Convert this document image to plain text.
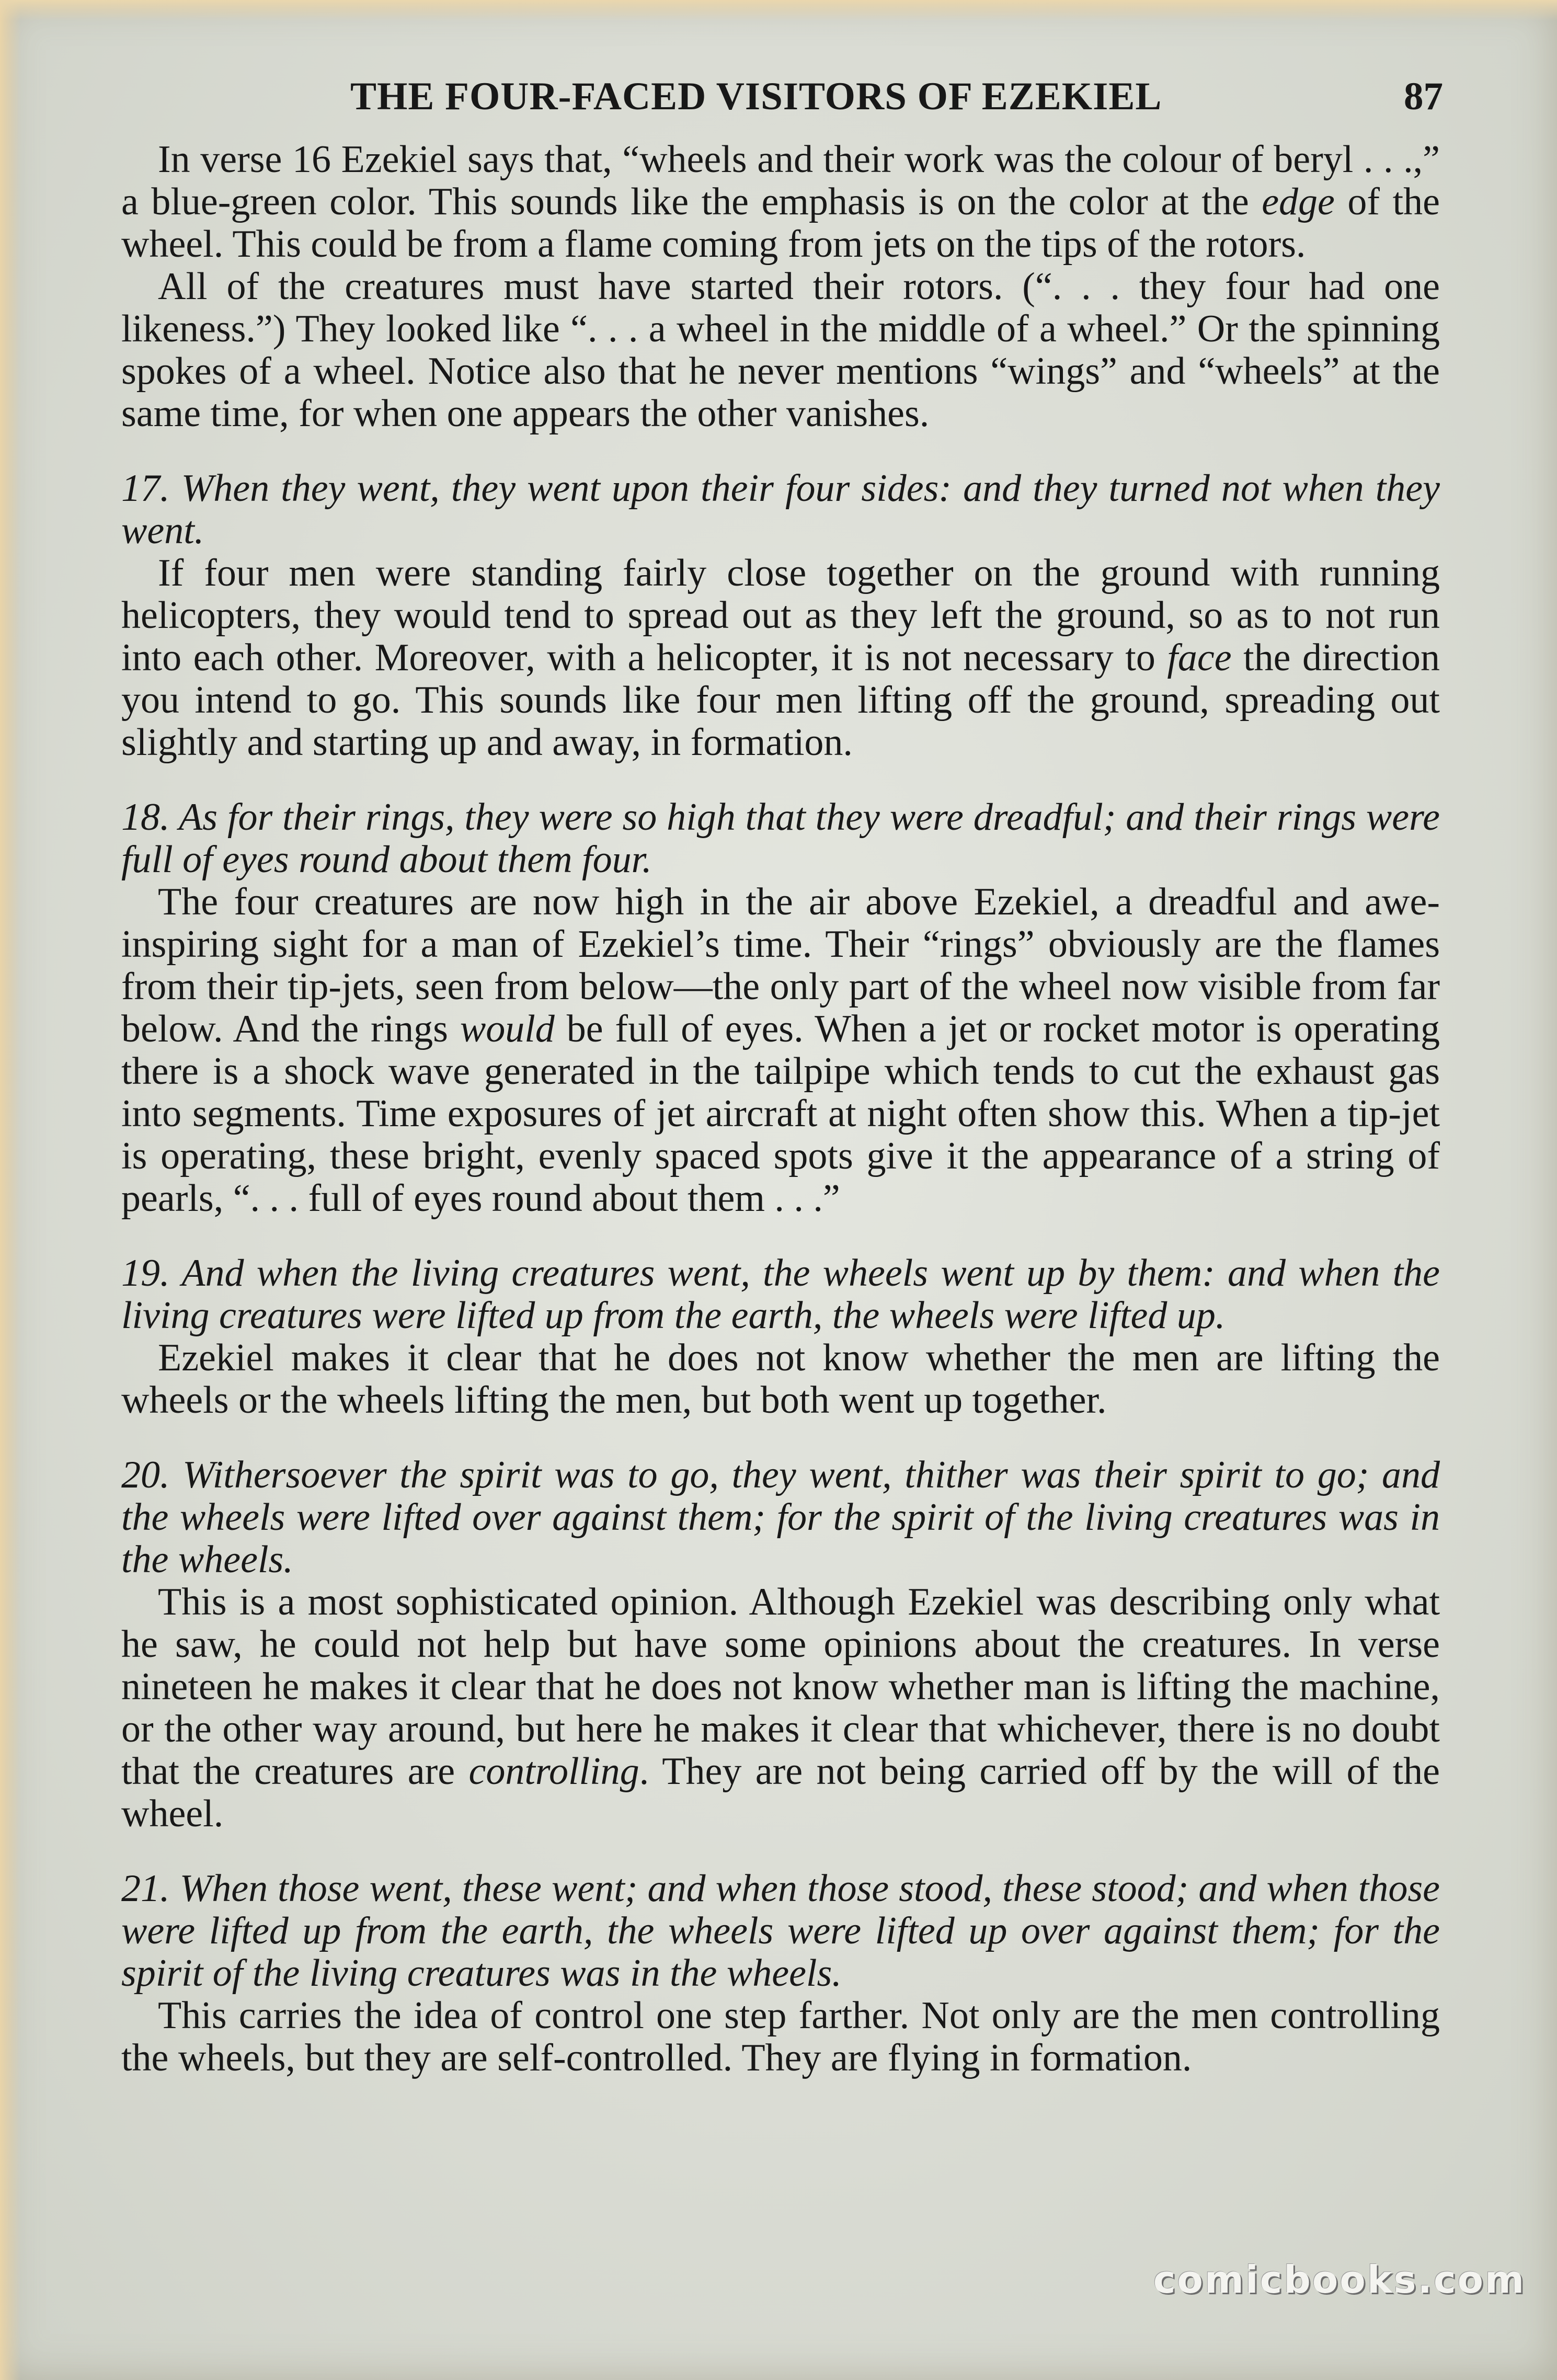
THE FOUR-FACED VISITORS OF EZEKIEL	87

In verse 16 Ezekiel says that, “wheels and their work was the colour of beryl . . .,” a blue-green color. This sounds like the emphasis is on the color at the edge of the wheel. This could be from a flame coming from jets on the tips of the rotors.

All of the creatures must have started their rotors. (“. . . they four had one likeness.”) They looked like “. . . a wheel in the middle of a wheel.” Or the spinning spokes of a wheel. Notice also that he never mentions “wings” and “wheels” at the same time, for when one appears the other vanishes.

17. When they went, they went upon their four sides: and they turned not when they went.

If four men were standing fairly close together on the ground with running helicopters, they would tend to spread out as they left the ground, so as to not run into each other. Moreover, with a helicopter, it is not necessary to face the direction you intend to go. This sounds like four men lifting off the ground, spreading out slightly and starting up and away, in formation.

18. As for their rings, they were so high that they were dreadful; and their rings were full of eyes round about them four.

The four creatures are now high in the air above Ezekiel, a dreadful and awe-inspiring sight for a man of Ezekiel’s time. Their “rings” obviously are the flames from their tip-jets, seen from below—the only part of the wheel now visible from far below. And the rings would be full of eyes. When a jet or rocket motor is operating there is a shock wave generated in the tailpipe which tends to cut the exhaust gas into segments. Time exposures of jet aircraft at night often show this. When a tip-jet is operating, these bright, evenly spaced spots give it the appearance of a string of pearls, “. . . full of eyes round about them . . .”

19. And when the living creatures went, the wheels went up by them: and when the living creatures were lifted up from the earth, the wheels were lifted up.

Ezekiel makes it clear that he does not know whether the men are lifting the wheels or the wheels lifting the men, but both went up together.

20. Withersoever the spirit was to go, they went, thither was their spirit to go; and the wheels were lifted over against them; for the spirit of the living creatures was in the wheels.

This is a most sophisticated opinion. Although Ezekiel was describing only what he saw, he could not help but have some opinions about the creatures. In verse nineteen he makes it clear that he does not know whether man is lifting the machine, or the other way around, but here he makes it clear that whichever, there is no doubt that the creatures are controlling. They are not being carried off by the will of the wheel.

21. When those went, these went; and when those stood, these stood; and when those were lifted up from the earth, the wheels were lifted up over against them; for the spirit of the living creatures was in the wheels.

This carries the idea of control one step farther. Not only are the men controlling the wheels, but they are self-controlled. They are flying in formation.

comicbooks.com
